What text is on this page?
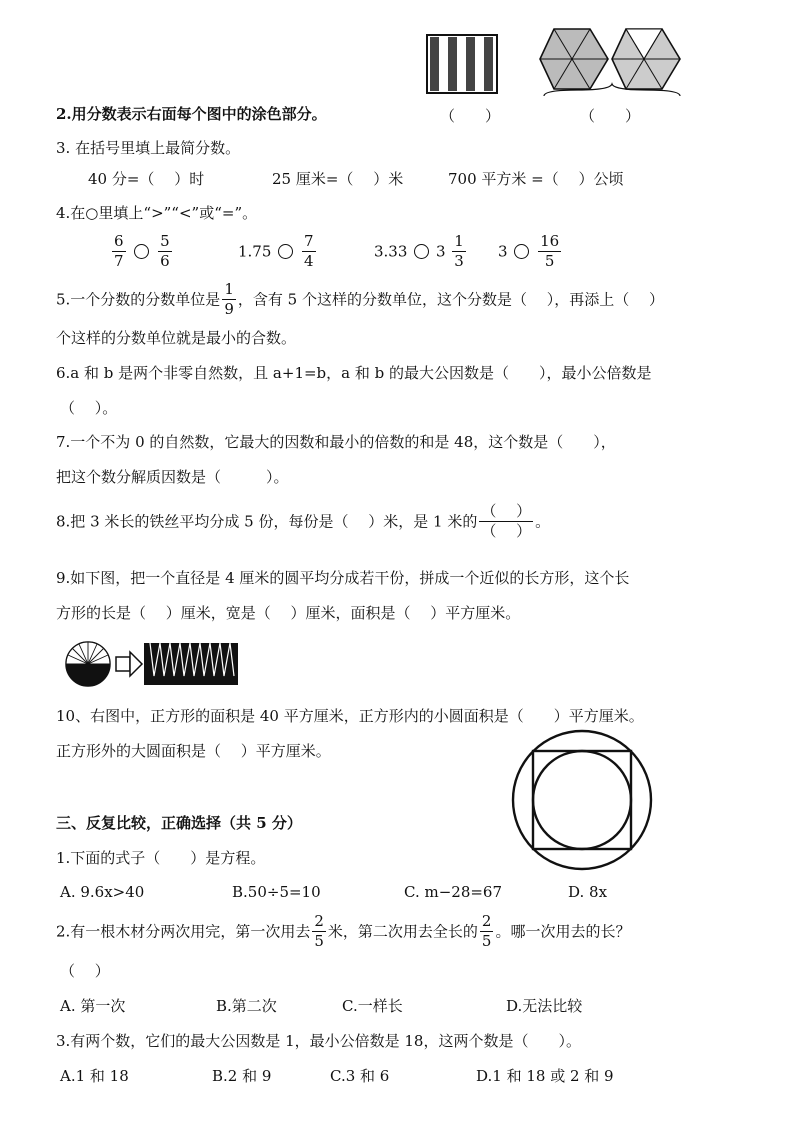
2.用分数表示右面每个图中的涂色部分。	（　　）	（　　）
3. 在括号里填上最简分数。
40 分=（　 ）时	25 厘米=（　 ）米	700 平方米 =（　 ）公顷
4.在○里填上“>”“<”或“=”。
$\frac{6}{7}$
$\frac{5}{6}$	$1.75 \frac{7}{4}$	3.33 $3 \frac{1}{3} 3 \frac{16}{5}$
5.一个分数的分数单位是 $\frac{1}{9}$ ，含有 5 个这样的分数单位，这个分数是（　 ），再添上（　 ）
个这样的分数单位就是最小的合数。
6.a 和 b 是两个非零自然数，且 a+1=b，a 和 b 的最大公因数是（　　），最小公倍数是
（　 ）。
7.一个不为 0 的自然数，它最大的因数和最小的倍数的和是 48，这个数是（　　），
把这个数分解质因数是（　　　）。
8.把 3 米长的铁丝平均分成 5 份，每份是（　 ）米，是 1 米的 $\frac{( )}{( )}$ 。
9.如下图，把一个直径是 4 厘米的圆平均分成若干份，拼成一个近似的长方形，这个长
方形的长是（　 ）厘米，宽是（　 ）厘米，面积是（　 ）平方厘米。
10、右图中，正方形的面积是 40 平方厘米，正方形内的小圆面积是（　　）平方厘米。
正方形外的大圆面积是（　 ）平方厘米。
三、反复比较，正确选择（共 5 分）
1.下面的式子（　　）是方程。
A. 9.6x>40	B.50÷5=10	C. m−28=67	D. 8x
2.有一根木材分两次用完，第一次用去 $\frac{2}{5}$ 米，第二次用去全长的 $\frac{2}{5}$ 。哪一次用去的长？
（　 ）
A. 第一次	B.第二次	C.一样长	D.无法比较
3.有两个数，它们的最大公因数是 1，最小公倍数是 18，这两个数是（　　）。
A.1 和 18	B.2 和 9	C.3 和 6	D.1 和 18 或 2 和 9
